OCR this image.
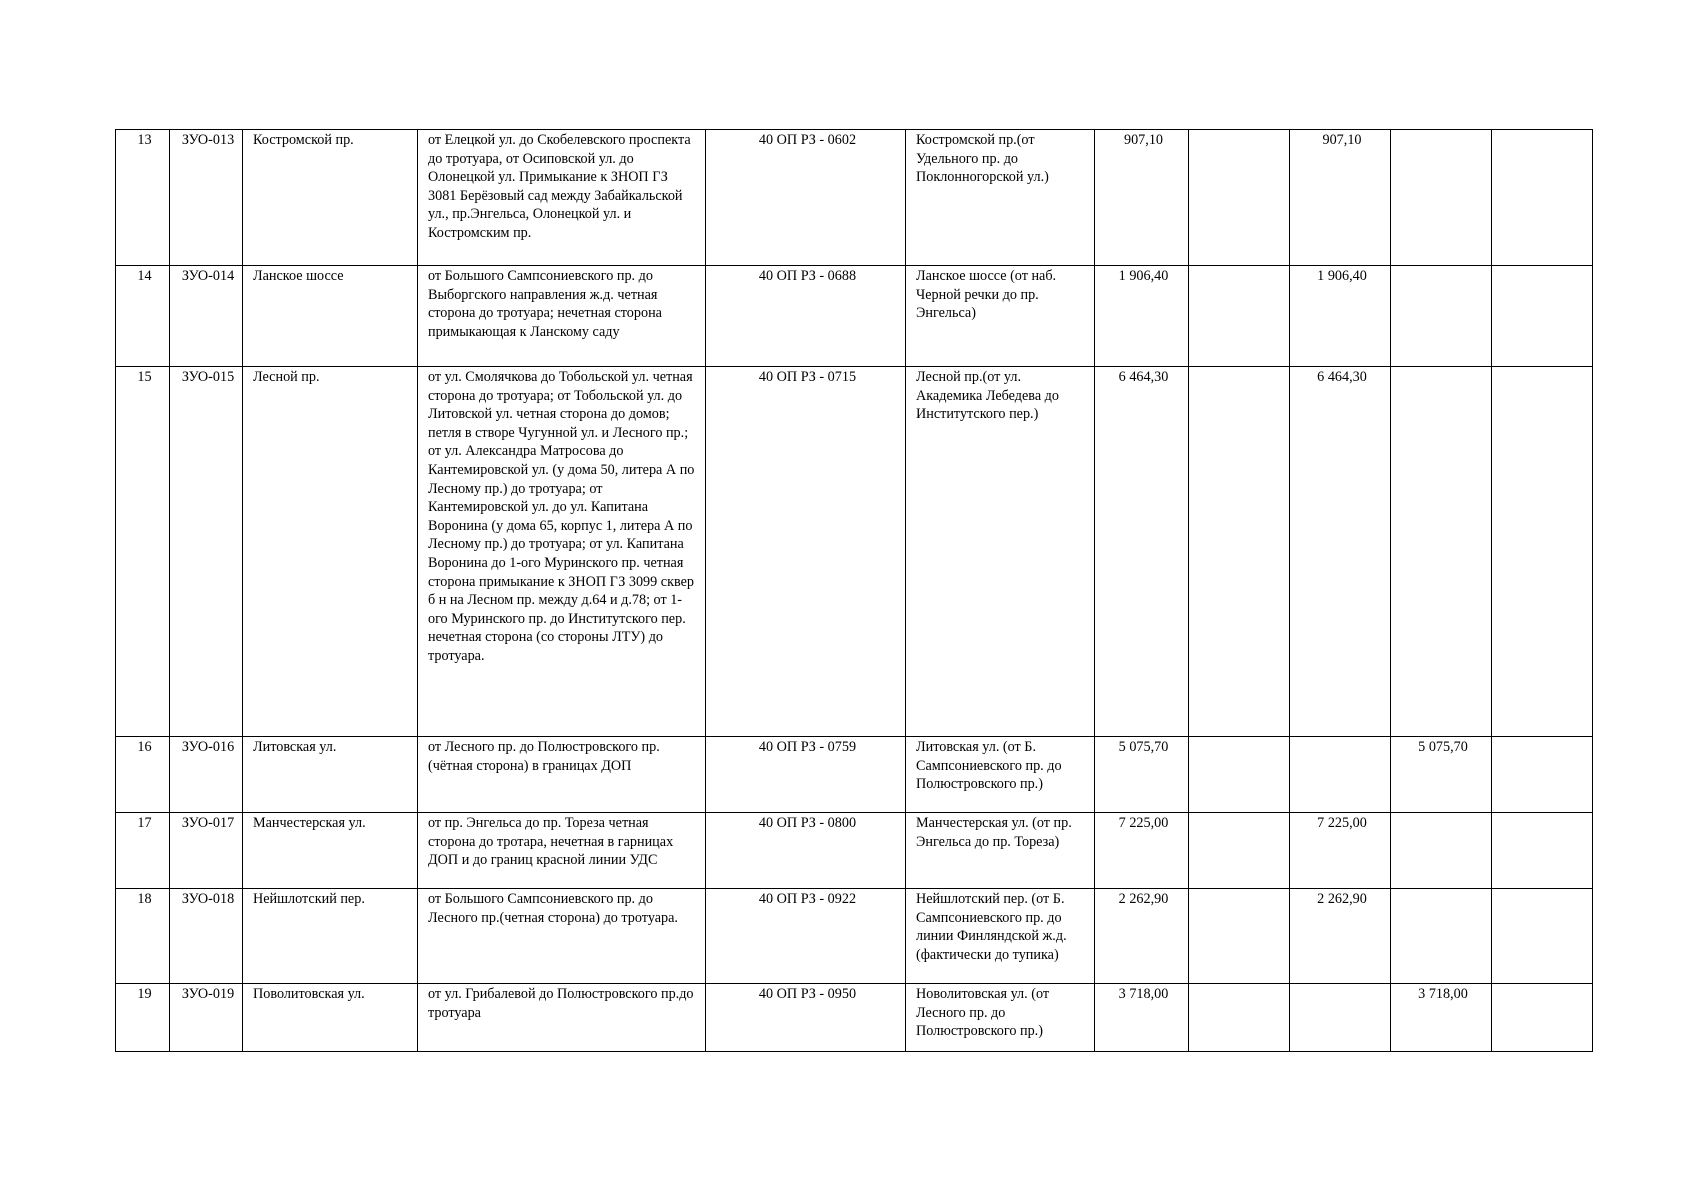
13	ЗУО-013	Костромской пр.	от Елецкой ул. до Скобелевского проспекта до тротуара, от Осиповской ул. до Олонецкой ул. Примыкание к ЗНОП ГЗ 3081 Берёзовый сад между Забайкальской ул., пр.Энгельса, Олонецкой ул. и Костромским пр.	40 ОП РЗ - 0602	Костромской пр.(от Удельного пр. до Поклонногорской ул.)	907,10		907,10		
14	ЗУО-014	Ланское шоссе	от Большого Сампсониевского пр. до Выборгского направления ж.д. четная сторона до тротуара; нечетная сторона примыкающая к Ланскому саду	40 ОП РЗ - 0688	Ланское шоссе (от наб. Черной речки до пр. Энгельса)	1 906,40		1 906,40		
15	ЗУО-015	Лесной пр.	от ул. Смолячкова до Тобольской ул. четная сторона до тротуара; от Тобольской ул. до Литовской ул. четная сторона до домов; петля в створе Чугунной ул. и Лесного пр.; от ул. Александра Матросова до Кантемировской ул. (у дома 50, литера А по Лесному пр.) до тротуара; от Кантемировской ул. до ул. Капитана Воронина (у дома 65, корпус 1, литера А по Лесному пр.) до тротуара; от ул. Капитана Воронина до 1-ого Муринского пр. четная сторона примыкание к ЗНОП ГЗ 3099 сквер б н на Лесном пр. между д.64 и д.78; от 1-ого Муринского пр. до Институтского пер. нечетная сторона (со стороны ЛТУ) до тротуара.	40 ОП РЗ - 0715	Лесной пр.(от ул. Академика Лебедева до Институтского пер.)	6 464,30		6 464,30		
16	ЗУО-016	Литовская ул.	от Лесного пр. до Полюстровского пр. (чётная сторона) в границах ДОП	40 ОП РЗ - 0759	Литовская ул. (от Б. Сампсониевского пр. до Полюстровского пр.)	5 075,70			5 075,70	
17	ЗУО-017	Манчестерская ул.	от пр. Энгельса до пр. Тореза четная сторона до тротара, нечетная в гарницах ДОП и до границ красной линии УДС	40 ОП РЗ - 0800	Манчестерская ул. (от пр. Энгельса до пр. Тореза)	7 225,00		7 225,00		
18	ЗУО-018	Нейшлотский пер.	от Большого Сампсониевского пр. до Лесного пр.(четная сторона) до тротуара.	40 ОП РЗ - 0922	Нейшлотский пер. (от Б. Сампсониевского пр. до линии Финляндской ж.д. (фактически до тупика)	2 262,90		2 262,90		
19	ЗУО-019	Поволитовская ул.	от ул. Грибалевой до Полюстровского пр.до тротуара	40 ОП РЗ - 0950	Новолитовская ул. (от Лесного пр. до Полюстровского пр.)	3 718,00			3 718,00	
